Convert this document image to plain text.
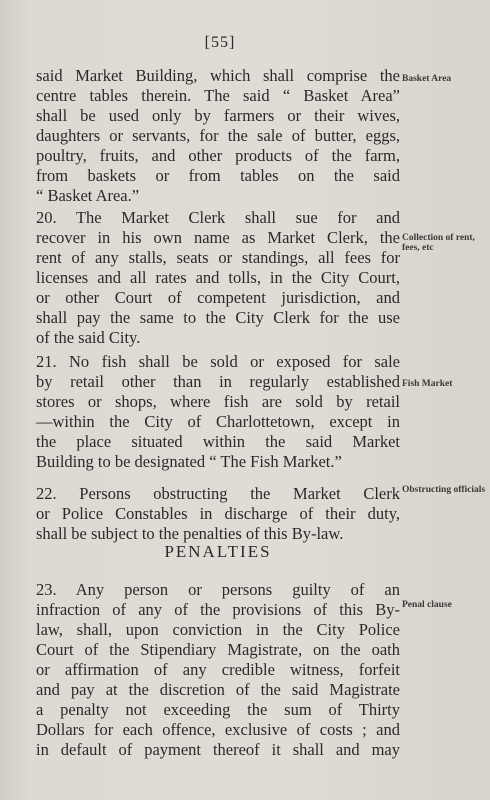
[55]
said Market Building, which shall comprise the
centre tables therein. The said “ Basket Area”
shall be used only by farmers or their wives,
daughters or servants, for the sale of butter, eggs,
poultry, fruits, and other products of the farm,
from baskets or from tables on the said
“ Basket Area.”
Basket Area
20. The Market Clerk shall sue for and
recover in his own name as Market Clerk, the
rent of any stalls, seats or standings, all fees for
licenses and all rates and tolls, in the City Court,
or other Court of competent jurisdiction, and
shall pay the same to the City Clerk for the use
of the said City.
Collection of rent, fees, etc
21. No fish shall be sold or exposed for sale
by retail other than in regularly established
stores or shops, where fish are sold by retail
—within the City of Charlottetown, except in
the place situated within the said Market
Building to be designated “ The Fish Market.”
Fish Market
22. Persons obstructing the Market Clerk
or Police Constables in discharge of their duty,
shall be subject to the penalties of this By-law.
Obstructing officials
PENALTIES
23. Any person or persons guilty of an
infraction of any of the provisions of this By-
law, shall, upon conviction in the City Police
Court of the Stipendiary Magistrate, on the oath
or affirmation of any credible witness, forfeit
and pay at the discretion of the said Magistrate
a penalty not exceeding the sum of Thirty
Dollars for each offence, exclusive of costs ; and
in default of payment thereof it shall and may
Penal clause
